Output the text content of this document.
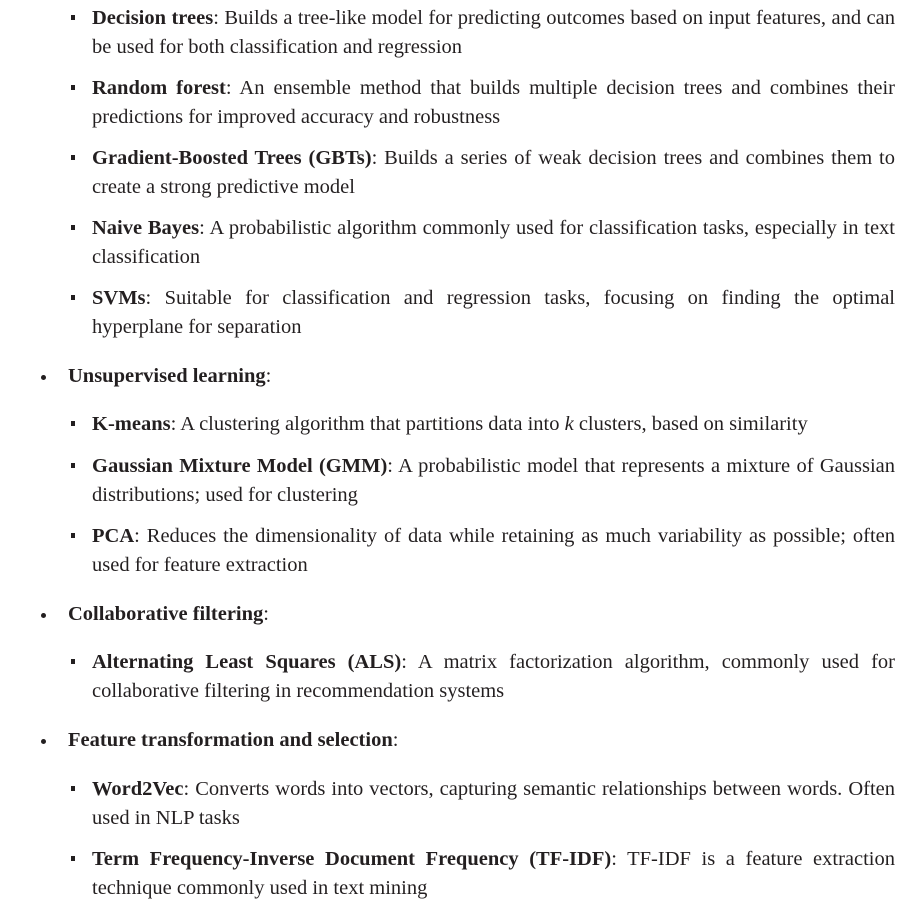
Decision trees: Builds a tree-like model for predicting outcomes based on input features, and can be used for both classification and regression
Random forest: An ensemble method that builds multiple decision trees and combines their predictions for improved accuracy and robustness
Gradient-Boosted Trees (GBTs): Builds a series of weak decision trees and combines them to create a strong predictive model
Naive Bayes: A probabilistic algorithm commonly used for classification tasks, especially in text classification
SVMs: Suitable for classification and regression tasks, focusing on finding the optimal hyperplane for separation
Unsupervised learning:
K-means: A clustering algorithm that partitions data into k clusters, based on similarity
Gaussian Mixture Model (GMM): A probabilistic model that represents a mixture of Gaussian distributions; used for clustering
PCA: Reduces the dimensionality of data while retaining as much variability as possible; often used for feature extraction
Collaborative filtering:
Alternating Least Squares (ALS): A matrix factorization algorithm, commonly used for collaborative filtering in recommendation systems
Feature transformation and selection:
Word2Vec: Converts words into vectors, capturing semantic relationships between words. Often used in NLP tasks
Term Frequency-Inverse Document Frequency (TF-IDF): TF-IDF is a feature extraction technique commonly used in text mining
